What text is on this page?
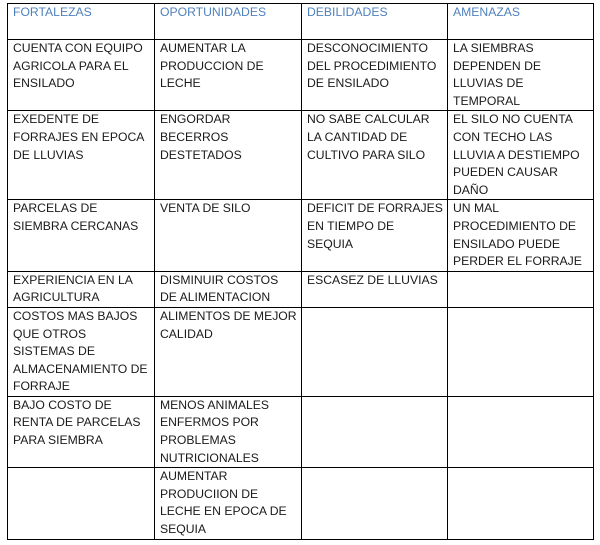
FORTALEZAS	OPORTUNIDADES	DEBILIDADES	AMENAZAS
CUENTA CON EQUIPO AGRICOLA PARA EL ENSILADO	AUMENTAR LA PRODUCCION DE LECHE	DESCONOCIMIENTO DEL PROCEDIMIENTO DE ENSILADO	LA SIEMBRAS DEPENDEN DE LLUVIAS DE TEMPORAL
EXEDENTE DE FORRAJES EN EPOCA DE LLUVIAS	ENGORDAR BECERROS DESTETADOS	NO SABE CALCULAR LA CANTIDAD DE CULTIVO PARA SILO	EL SILO NO CUENTA CON TECHO LAS LLUVIA A DESTIEMPO PUEDEN CAUSAR DAÑO
PARCELAS DE SIEMBRA CERCANAS	VENTA DE SILO	DEFICIT DE FORRAJES EN TIEMPO DE SEQUIA	UN MAL PROCEDIMIENTO DE ENSILADO PUEDE PERDER EL FORRAJE
EXPERIENCIA EN LA AGRICULTURA	DISMINUIR COSTOS DE ALIMENTACION	ESCASEZ DE LLUVIAS	
COSTOS MAS BAJOS QUE OTROS SISTEMAS DE ALMACENAMIENTO DE FORRAJE	ALIMENTOS DE MEJOR CALIDAD		
BAJO COSTO DE RENTA DE PARCELAS PARA SIEMBRA	MENOS ANIMALES ENFERMOS POR PROBLEMAS NUTRICIONALES		
	AUMENTAR PRODUCIION DE LECHE EN EPOCA DE SEQUIA		
